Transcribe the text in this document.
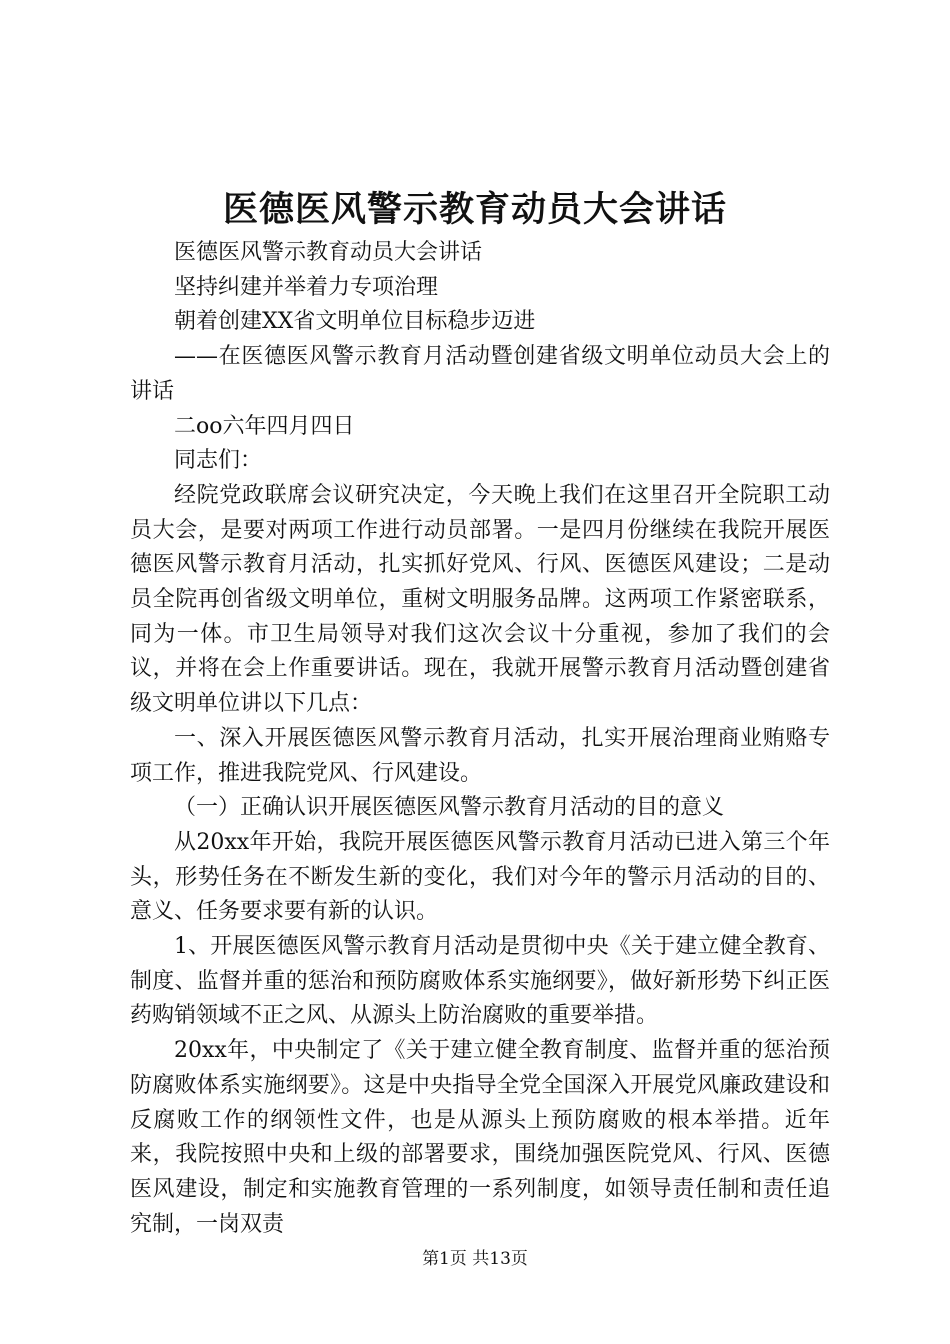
医德医风警示教育动员大会讲话

医德医风警示教育动员大会讲话

坚持纠建并举着力专项治理

朝着创建XX省文明单位目标稳步迈进

——在医德医风警示教育月活动暨创建省级文明单位动员大会上的讲话

二oo六年四月四日

同志们：

经院党政联席会议研究决定，今天晚上我们在这里召开全院职工动员大会，是要对两项工作进行动员部署。一是四月份继续在我院开展医德医风警示教育月活动，扎实抓好党风、行风、医德医风建设；二是动员全院再创省级文明单位，重树文明服务品牌。这两项工作紧密联系，同为一体。市卫生局领导对我们这次会议十分重视，参加了我们的会议，并将在会上作重要讲话。现在，我就开展警示教育月活动暨创建省级文明单位讲以下几点：

一、深入开展医德医风警示教育月活动，扎实开展治理商业贿赂专项工作，推进我院党风、行风建设。

（一）正确认识开展医德医风警示教育月活动的目的意义

从20xx年开始，我院开展医德医风警示教育月活动已进入第三个年头，形势任务在不断发生新的变化，我们对今年的警示月活动的目的、意义、任务要求要有新的认识。

1、开展医德医风警示教育月活动是贯彻中央《关于建立健全教育、制度、监督并重的惩治和预防腐败体系实施纲要》，做好新形势下纠正医药购销领域不正之风、从源头上防治腐败的重要举措。

20xx年，中央制定了《关于建立健全教育制度、监督并重的惩治预防腐败体系实施纲要》。这是中央指导全党全国深入开展党风廉政建设和反腐败工作的纲领性文件，也是从源头上预防腐败的根本举措。近年来，我院按照中央和上级的部署要求，围绕加强医院党风、行风、医德医风建设，制定和实施教育管理的一系列制度，如领导责任制和责任追究制，一岗双责

第1页 共13页
